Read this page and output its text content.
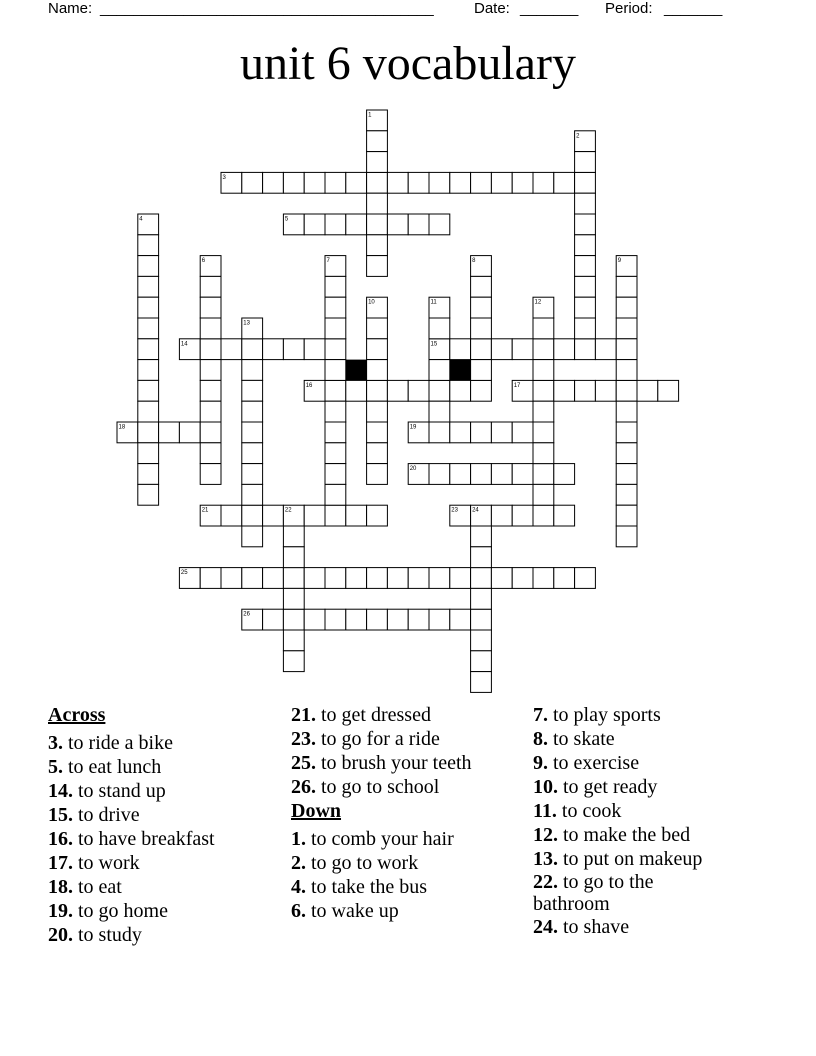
Name: ________________________________________	Date: _______ Period: _______
unit 6 vocabulary
1
2
3
4	5
6	7	8	9
10	11	12
13
14	15
16	17
18	19
20
21	22	23 24
25
26
Across
3. to ride a bike
5. to eat lunch
14. to stand up
15. to drive
16. to have breakfast
17. to work
18. to eat
19. to go home
20. to study
21. to get dressed
23. to go for a ride
25. to brush your teeth
26. to go to school
Down
1. to comb your hair
2. to go to work
4. to take the bus
6. to wake up
7. to play sports
8. to skate
9. to exercise
10. to get ready
11. to cook
12. to make the bed
13. to put on makeup
22. to go to the bathroom
24. to shave
